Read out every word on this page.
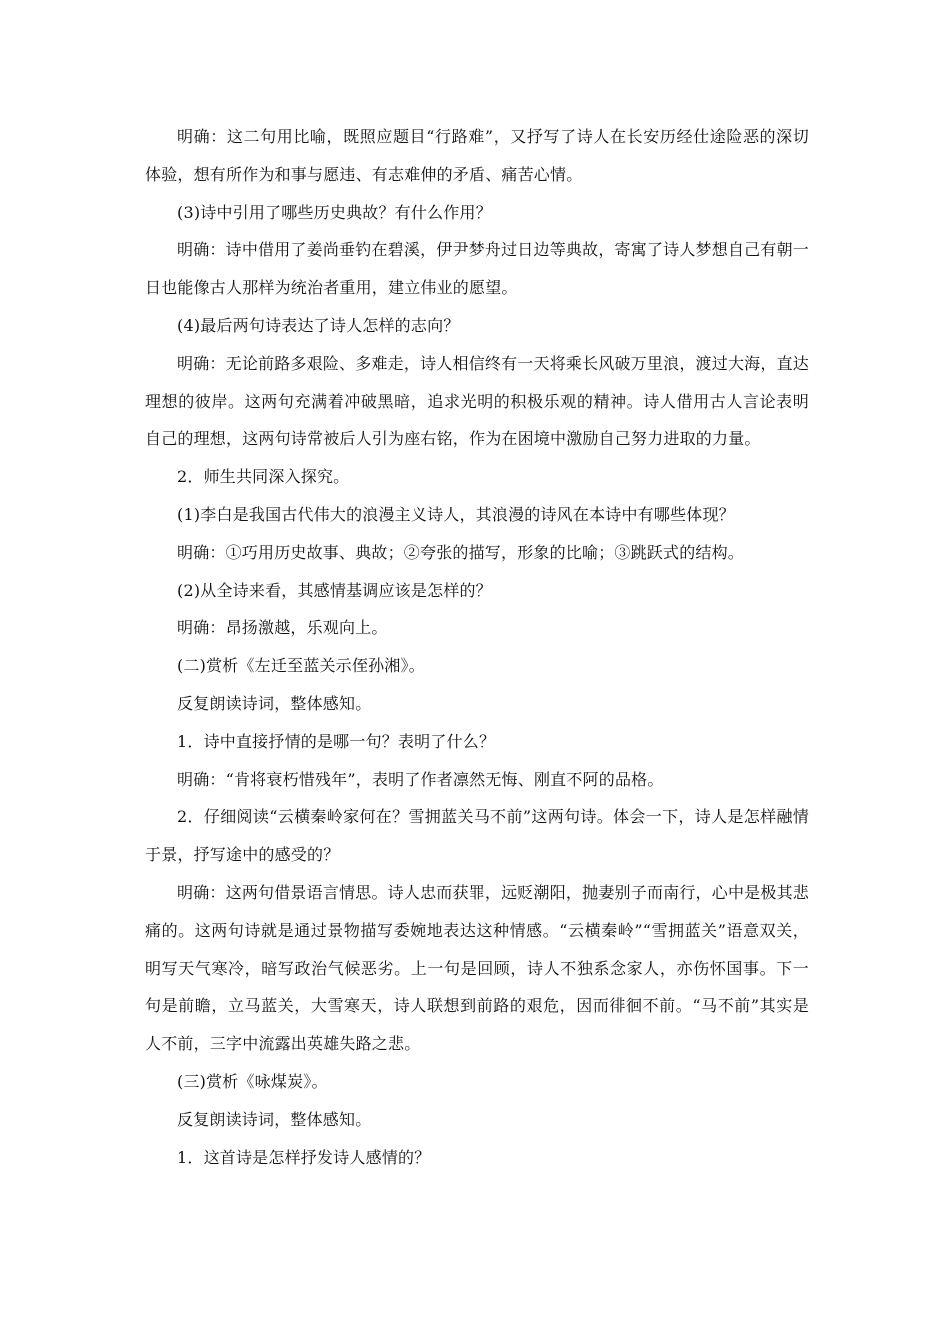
明确：这二句用比喻，既照应题目“行路难”，又抒写了诗人在长安历经仕途险恶的深切体验，想有所作为和事与愿违、有志难伸的矛盾、痛苦心情。

(3)诗中引用了哪些历史典故？有什么作用？

明确：诗中借用了姜尚垂钓在碧溪，伊尹梦舟过日边等典故，寄寓了诗人梦想自己有朝一日也能像古人那样为统治者重用，建立伟业的愿望。

(4)最后两句诗表达了诗人怎样的志向？

明确：无论前路多艰险、多难走，诗人相信终有一天将乘长风破万里浪，渡过大海，直达理想的彼岸。这两句充满着冲破黑暗，追求光明的积极乐观的精神。诗人借用古人言论表明自己的理想，这两句诗常被后人引为座右铭，作为在困境中激励自己努力进取的力量。

2．师生共同深入探究。

(1)李白是我国古代伟大的浪漫主义诗人，其浪漫的诗风在本诗中有哪些体现？

明确：①巧用历史故事、典故；②夸张的描写，形象的比喻；③跳跃式的结构。

(2)从全诗来看，其感情基调应该是怎样的？

明确：昂扬激越，乐观向上。

(二)赏析《左迁至蓝关示侄孙湘》。

反复朗读诗词，整体感知。

1．诗中直接抒情的是哪一句？表明了什么？

明确：“肯将衰朽惜残年”，表明了作者凛然无悔、刚直不阿的品格。

2．仔细阅读“云横秦岭家何在？雪拥蓝关马不前”这两句诗。体会一下，诗人是怎样融情于景，抒写途中的感受的？

明确：这两句借景语言情思。诗人忠而获罪，远贬潮阳，抛妻别子而南行，心中是极其悲痛的。这两句诗就是通过景物描写委婉地表达这种情感。“云横秦岭”“雪拥蓝关”语意双关，明写天气寒冷，暗写政治气候恶劣。上一句是回顾，诗人不独系念家人，亦伤怀国事。下一句是前瞻，立马蓝关，大雪寒天，诗人联想到前路的艰危，因而徘徊不前。“马不前”其实是人不前，三字中流露出英雄失路之悲。

(三)赏析《咏煤炭》。

反复朗读诗词，整体感知。

1．这首诗是怎样抒发诗人感情的？
